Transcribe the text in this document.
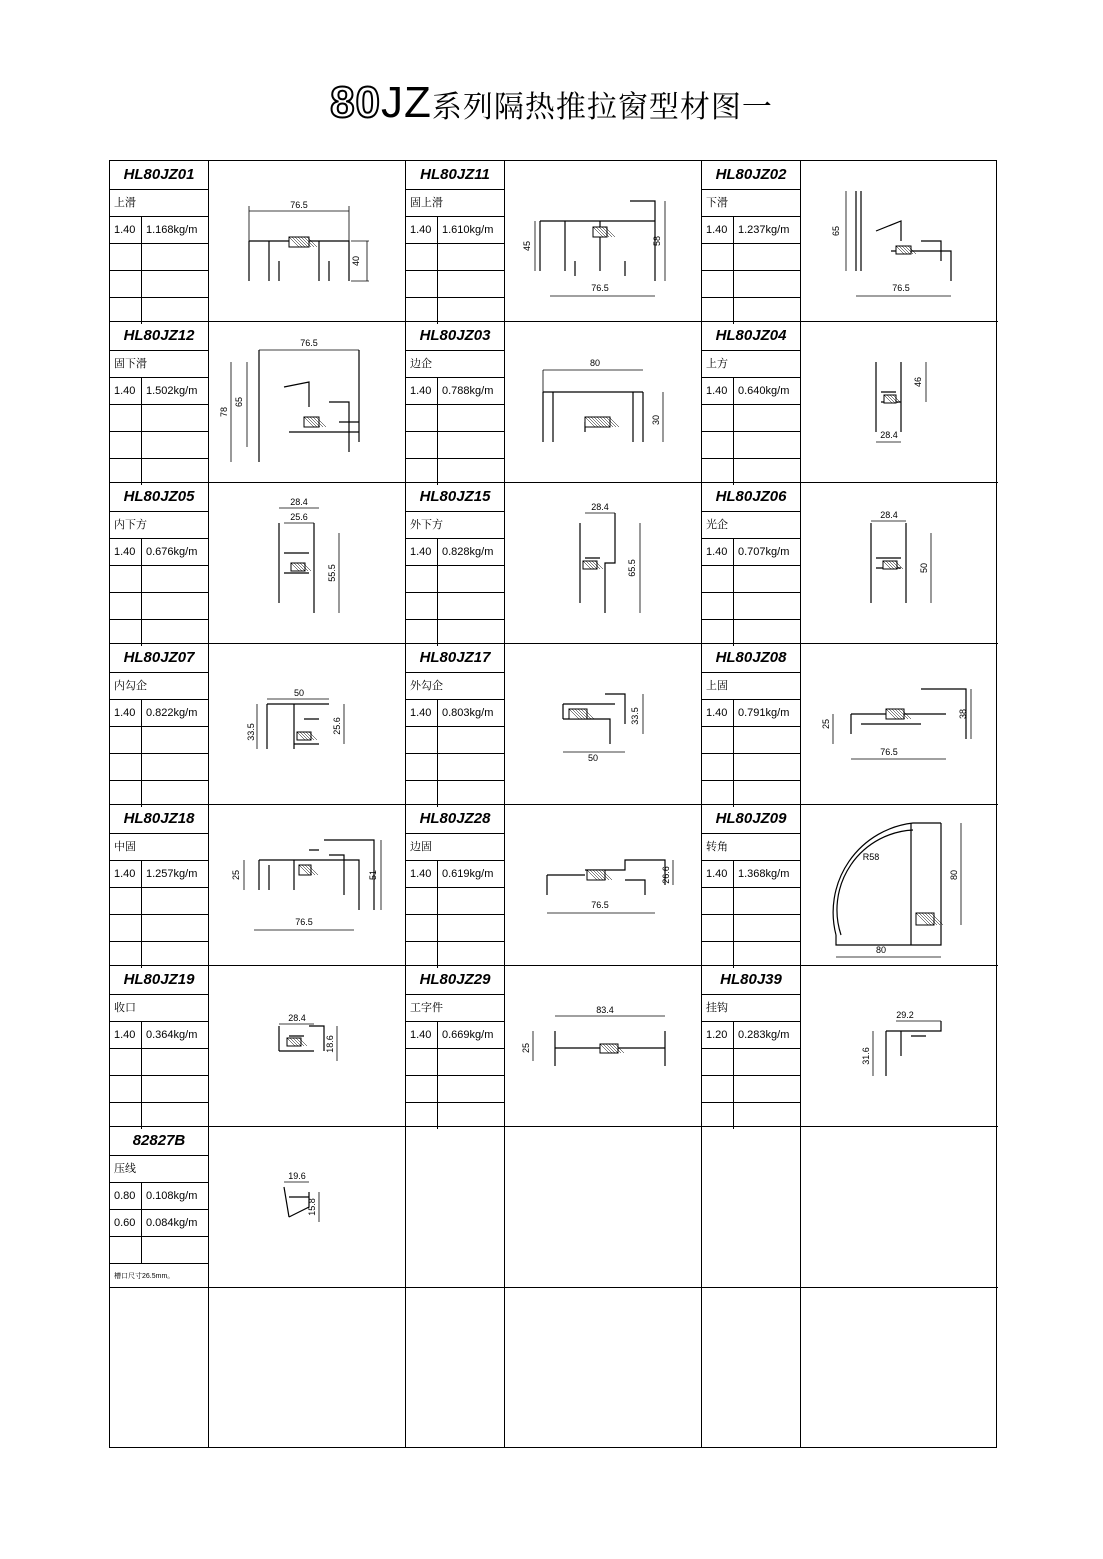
80JZ系列隔热推拉窗型材图一
HL80JZ01
上滑
1.40 1.168kg/m
76.5
40
HL80JZ11
固上滑
1.40 1.610kg/m
45	58
76.5
HL80JZ02
下滑
1.40 1.237kg/m	65
76.5
HL80JZ12
固下滑
1.40 1.502kg/m
76.5
78
65
HL80JZ03
边企
1.40 0.788kg/m
80
30
HL80JZ04
上方
1.40 0.640kg/m
46
28.4
HL80JZ05
内下方
1.40 0.676kg/m
28.4
25.6
55.5
HL80JZ15
外下方
1.40 0.828kg/m
28.4
65.5
HL80JZ06
光企
1.40 0.707kg/m
28.4
50
HL80JZ07
内勾企
1.40 0.822kg/m
50
33.5	25.6
HL80JZ17
外勾企
1.40 0.803kg/m	33.5
50
HL80JZ08
上固
1.40 0.791kg/m
25
38
76.5
HL80JZ18
中固
1.40 1.257kg/m	25	51
76.5
HL80JZ28
边固
1.40 0.619kg/m	26.6
76.5
HL80JZ09
转角
1.40 1.368kg/m
R58
80
80
HL80JZ19
收口
1.40 0.364kg/m
28.4
18.6
HL80JZ29
工字件
1.40 0.669kg/m
83.4
25
HL80J39
挂钩
1.20 0.283kg/m
29.2
31.6
82827B
压线
0.80 0.108kg/m
0.60 0.084kg/m
槽口尺寸26.5mm。
19.6
15.8
